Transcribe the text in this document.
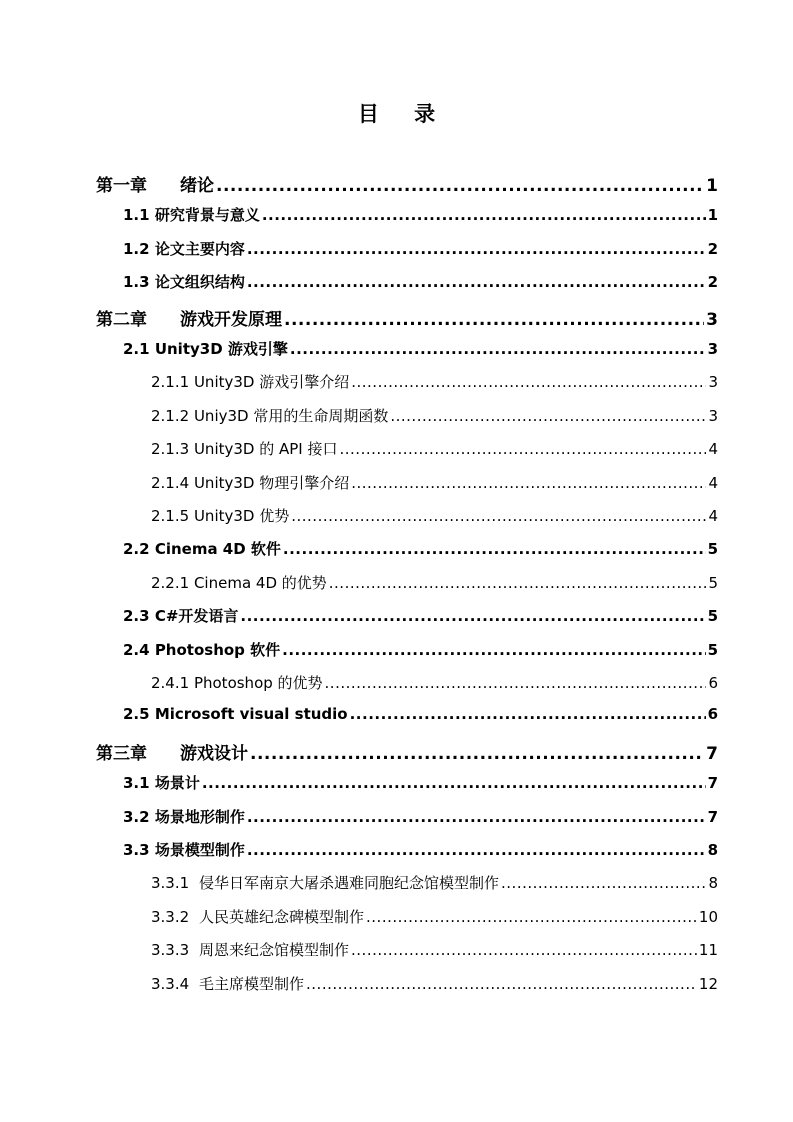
目 录
第一章 绪论 .....	1
1.1 研究背景与意义 .....	1
1.2 论文主要内容 .....	2
1.3 论文组织结构 .....	2
第二章 游戏开发原理 .....	3
2.1 Unity3D 游戏引擎 .....	3
2.1.1 Unity3D 游戏引擎介绍 .....	3
2.1.2 Uniy3D 常用的生命周期函数 .....	3
2.1.3 Unity3D 的 API 接口 .....	4
2.1.4 Unity3D 物理引擎介绍 .....	4
2.1.5 Unity3D 优势 .....	4
2.2 Cinema 4D 软件 .....	5
2.2.1 Cinema 4D 的优势 .....	5
2.3 C#开发语言 .....	5
2.4 Photoshop 软件 .....	5
2.4.1 Photoshop 的优势 .....	6
2.5 Microsoft visual studio .....	6
第三章 游戏设计 .....	7
3.1 场景计 .....	7
3.2 场景地形制作 .....	7
3.3 场景模型制作 .....	8
3.3.1 侵华日军南京大屠杀遇难同胞纪念馆模型制作 .....	8
3.3.2 人民英雄纪念碑模型制作 .....	10
3.3.3 周恩来纪念馆模型制作 .....	11
3.3.4 毛主席模型制作 .....	12
